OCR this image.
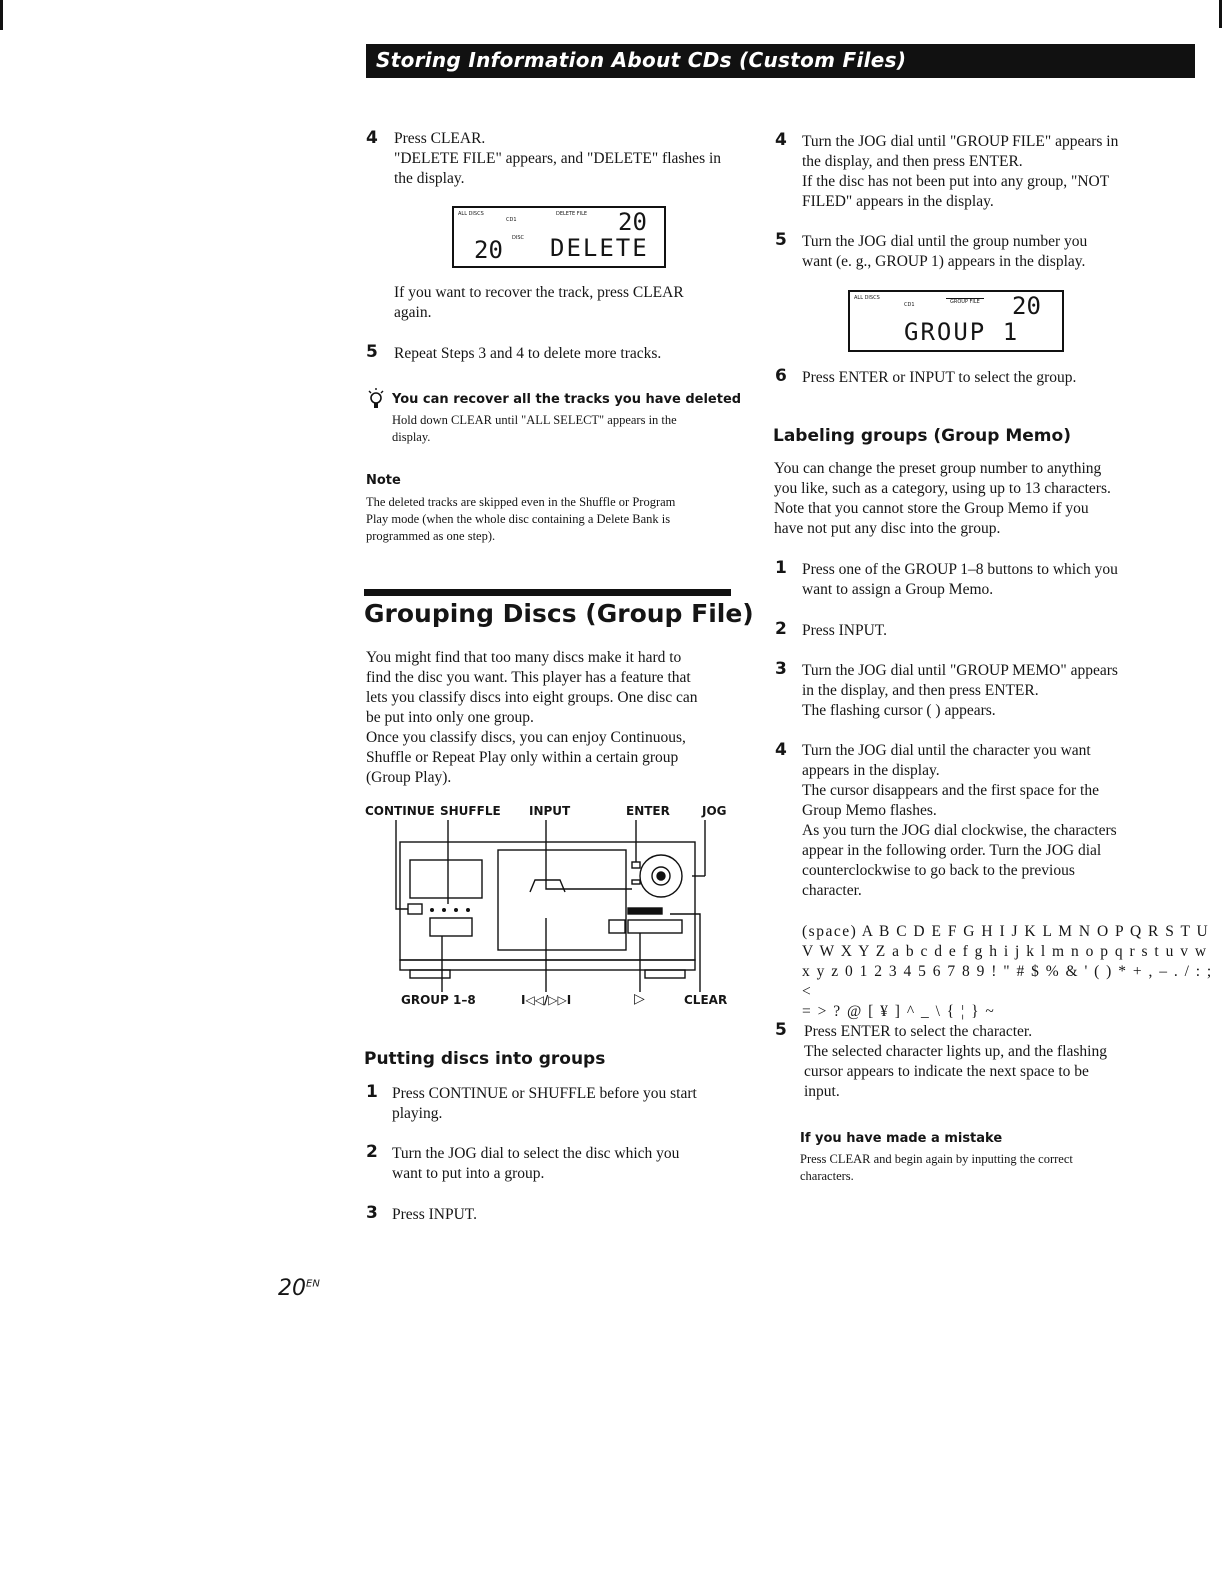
Storing Information About CDs (Custom Files)
4 Press CLEAR.
"DELETE FILE" appears, and "DELETE" flashes in
the display.
ALL DISCS
CD1
DELETE FILE 20
DISC
20 DELETE
If you want to recover the track, press CLEAR
again.
5 Repeat Steps 3 and 4 to delete more tracks.
You can recover all the tracks you have deleted
Hold down CLEAR until "ALL SELECT" appears in the
display.
Note
The deleted tracks are skipped even in the Shuffle or Program
Play mode (when the whole disc containing a Delete Bank is
programmed as one step).
Grouping Discs (Group File)
You might find that too many discs make it hard to
find the disc you want. This player has a feature that
lets you classify discs into eight groups. One disc can
be put into only one group.
Once you classify discs, you can enjoy Continuous,
Shuffle or Repeat Play only within a certain group
(Group Play).
CONTINUE SHUFFLE INPUT	ENTER	JOG
GROUP 1–8	I◁◁/▷▷I	▷	CLEAR
Putting discs into groups
1 Press CONTINUE or SHUFFLE before you start
playing.
2 Turn the JOG dial to select the disc which you
want to put into a group.
3 Press INPUT.
4 Turn the JOG dial until "GROUP FILE" appears in
the display, and then press ENTER.
If the disc has not been put into any group, "NOT
FILED" appears in the display.
5 Turn the JOG dial until the group number you
want (e. g., GROUP 1) appears in the display.
ALL DISCS
CD1	GROUP FILE 20
GROUP 1
6 Press ENTER or INPUT to select the group.
Labeling groups (Group Memo)
You can change the preset group number to anything
you like, such as a category, using up to 13 characters.
Note that you cannot store the Group Memo if you
have not put any disc into the group.
1 Press one of the GROUP 1–8 buttons to which you
want to assign a Group Memo.
2 Press INPUT.
3 Turn the JOG dial until "GROUP MEMO" appears
in the display, and then press ENTER.
The flashing cursor ( ) appears.
4 Turn the JOG dial until the character you want
appears in the display.
The cursor disappears and the first space for the
Group Memo flashes.
As you turn the JOG dial clockwise, the characters
appear in the following order. Turn the JOG dial
counterclockwise to go back to the previous
character.
(space) A B C D E F G H I J K L M N O P Q R S T U
V W X Y Z a b c d e f g h i j k l m n o p q r s t u v w
x y z 0 1 2 3 4 5 6 7 8 9 ! " # $ % & ' ( ) * + , – . / : ; <
= > ? @ [ ¥ ] ^ _ \ { ¦ } ~
5 Press ENTER to select the character.
The selected character lights up, and the flashing
cursor appears to indicate the next space to be
input.
If you have made a mistake
Press CLEAR and begin again by inputting the correct
characters.
$20^{EN}$
